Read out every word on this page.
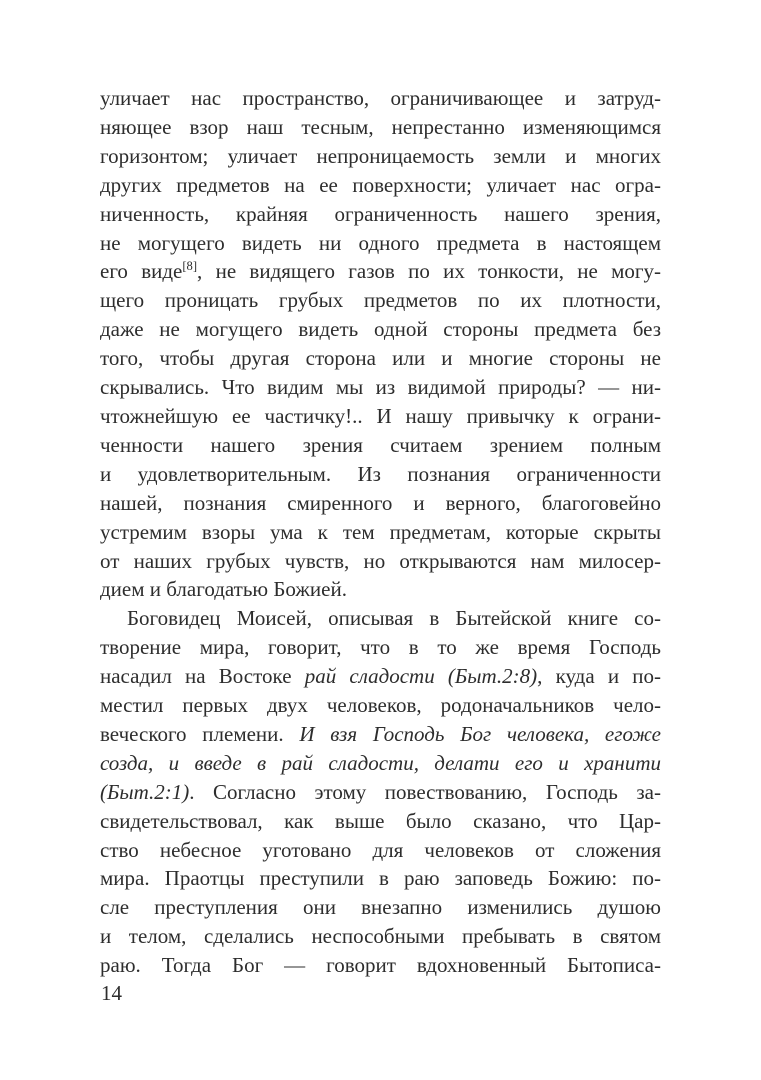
уличает нас пространство, ограничивающее и затруд-
няющее взор наш тесным, непрестанно изменяющимся
горизонтом; уличает непроницаемость земли и многих
других предметов на ее поверхности; уличает нас огра-
ниченность, крайняя ограниченность нашего зрения,
не могущего видеть ни одного предмета в настоящем
его виде[8], не видящего газов по их тонкости, не могу-
щего проницать грубых предметов по их плотности,
даже не могущего видеть одной стороны предмета без
того, чтобы другая сторона или и многие стороны не
скрывались. Что видим мы из видимой природы? — ни-
чтожнейшую ее частичку!.. И нашу привычку к ограни-
ченности нашего зрения считаем зрением полным
и удовлетворительным. Из познания ограниченности
нашей, познания смиренного и верного, благоговейно
устремим взоры ума к тем предметам, которые скрыты
от наших грубых чувств, но открываются нам милосер-
дием и благодатью Божией.
Боговидец Моисей, описывая в Бытейской книге со-
творение мира, говорит, что в то же время Господь
насадил на Востоке рай сладости (Быт.2:8), куда и по-
местил первых двух человеков, родоначальников чело-
веческого племени. И взя Господь Бог человека, егоже
созда, и введе в рай сладости, делати его и хранити
(Быт.2:1). Согласно этому повествованию, Господь за-
свидетельствовал, как выше было сказано, что Цар-
ство небесное уготовано для человеков от сложения
мира. Праотцы преступили в раю заповедь Божию: по-
сле преступления они внезапно изменились душою
и телом, сделались неспособными пребывать в святом
раю. Тогда Бог — говорит вдохновенный Бытописа-
14
